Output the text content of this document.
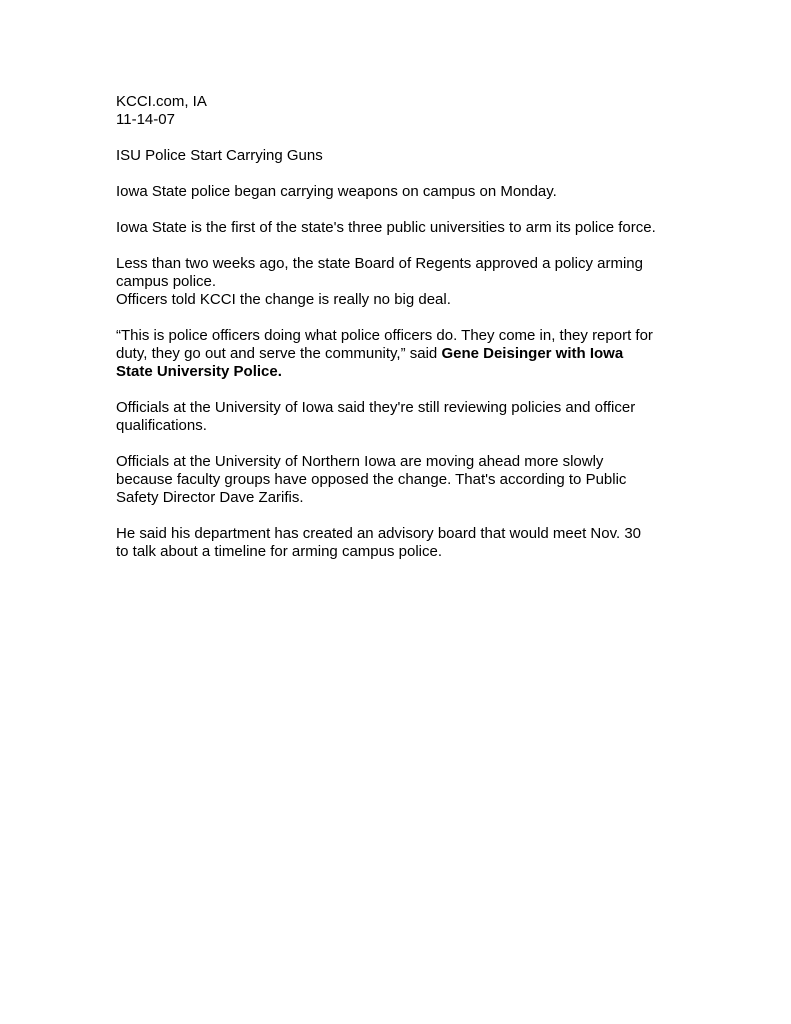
KCCI.com, IA
11-14-07
ISU Police Start Carrying Guns
Iowa State police began carrying weapons on campus on Monday.
Iowa State is the first of the state's three public universities to arm its police force.
Less than two weeks ago, the state Board of Regents approved a policy arming
campus police.
Officers told KCCI the change is really no big deal.
“This is police officers doing what police officers do. They come in, they report for
duty, they go out and serve the community,” said Gene Deisinger with Iowa
State University Police.
Officials at the University of Iowa said they're still reviewing policies and officer
qualifications.
Officials at the University of Northern Iowa are moving ahead more slowly
because faculty groups have opposed the change. That's according to Public
Safety Director Dave Zarifis.
He said his department has created an advisory board that would meet Nov. 30
to talk about a timeline for arming campus police.
